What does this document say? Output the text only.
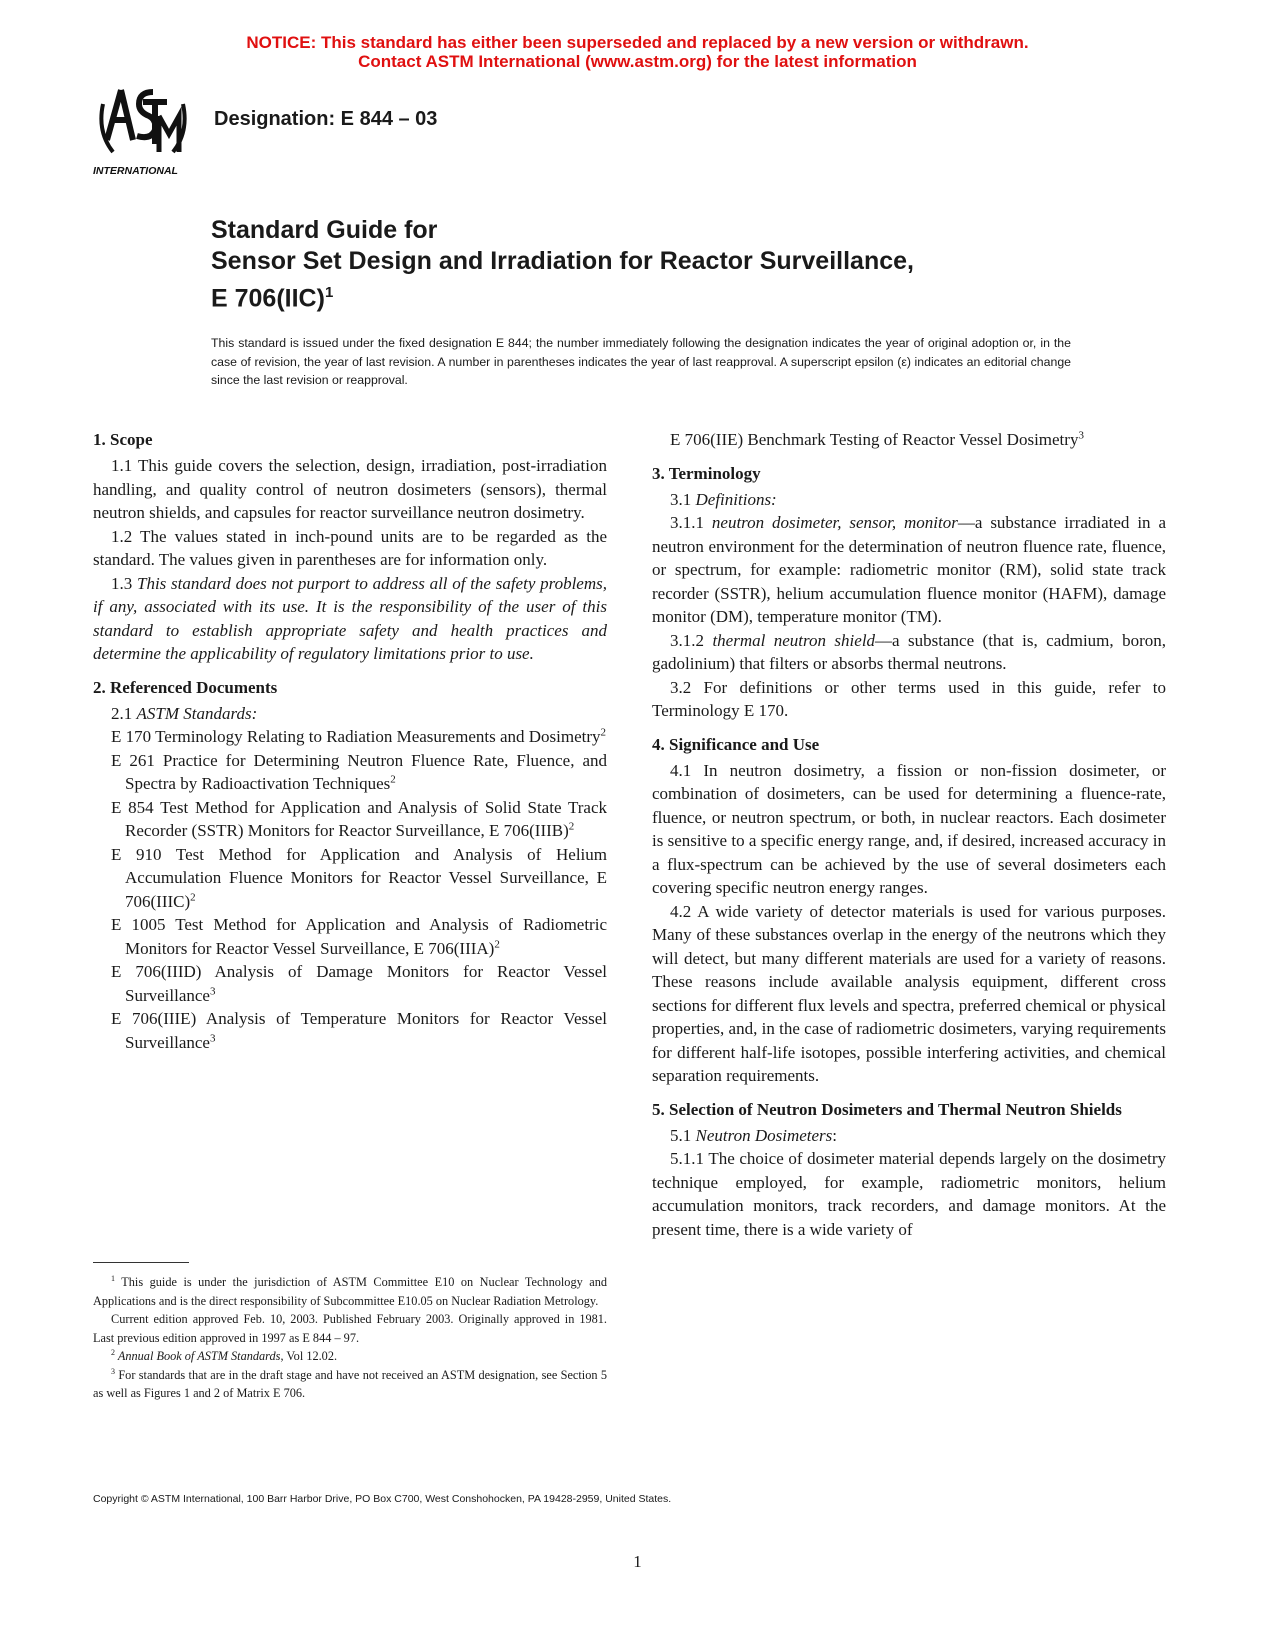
NOTICE: This standard has either been superseded and replaced by a new version or withdrawn.
Contact ASTM International (www.astm.org) for the latest information
INTERNATIONAL
Designation: E 844 – 03
Standard Guide for
Sensor Set Design and Irradiation for Reactor Surveillance,
E 706(IIC)$^1$
This standard is issued under the fixed designation E 844; the number immediately following the designation indicates the year of original adoption or, in the case of revision, the year of last revision. A number in parentheses indicates the year of last reapproval. A superscript epsilon (ε) indicates an editorial change since the last revision or reapproval.
1. Scope

1.1 This guide covers the selection, design, irradiation, post-irradiation handling, and quality control of neutron dosimeters (sensors), thermal neutron shields, and capsules for reactor surveillance neutron dosimetry.

1.2 The values stated in inch-pound units are to be regarded as the standard. The values given in parentheses are for information only.

1.3 This standard does not purport to address all of the safety problems, if any, associated with its use. It is the responsibility of the user of this standard to establish appropriate safety and health practices and determine the applicability of regulatory limitations prior to use.

2. Referenced Documents

2.1 ASTM Standards:

E 170 Terminology Relating to Radiation Measurements and Dosimetry$^2$

E 261 Practice for Determining Neutron Fluence Rate, Fluence, and Spectra by Radioactivation Techniques$^2$

E 854 Test Method for Application and Analysis of Solid State Track Recorder (SSTR) Monitors for Reactor Surveillance, E 706(IIIB)$^2$

E 910 Test Method for Application and Analysis of Helium Accumulation Fluence Monitors for Reactor Vessel Surveillance, E 706(IIIC)$^2$

E 1005 Test Method for Application and Analysis of Radiometric Monitors for Reactor Vessel Surveillance, E 706(IIIA)$^2$

E 706(IIID) Analysis of Damage Monitors for Reactor Vessel Surveillance$^3$

E 706(IIIE) Analysis of Temperature Monitors for Reactor Vessel Surveillance$^3$

E 706(IIE) Benchmark Testing of Reactor Vessel Dosimetry$^3$

3. Terminology

3.1 Definitions:

3.1.1 neutron dosimeter, sensor, monitor—a substance irradiated in a neutron environment for the determination of neutron fluence rate, fluence, or spectrum, for example: radiometric monitor (RM), solid state track recorder (SSTR), helium accumulation fluence monitor (HAFM), damage monitor (DM), temperature monitor (TM).

3.1.2 thermal neutron shield—a substance (that is, cadmium, boron, gadolinium) that filters or absorbs thermal neutrons.

3.2 For definitions or other terms used in this guide, refer to Terminology E 170.

4. Significance and Use

4.1 In neutron dosimetry, a fission or non-fission dosimeter, or combination of dosimeters, can be used for determining a fluence-rate, fluence, or neutron spectrum, or both, in nuclear reactors. Each dosimeter is sensitive to a specific energy range, and, if desired, increased accuracy in a flux-spectrum can be achieved by the use of several dosimeters each covering specific neutron energy ranges.

4.2 A wide variety of detector materials is used for various purposes. Many of these substances overlap in the energy of the neutrons which they will detect, but many different materials are used for a variety of reasons. These reasons include available analysis equipment, different cross sections for different flux levels and spectra, preferred chemical or physical properties, and, in the case of radiometric dosimeters, varying requirements for different half-life isotopes, possible interfering activities, and chemical separation requirements.

5. Selection of Neutron Dosimeters and Thermal Neutron Shields

5.1 Neutron Dosimeters:

5.1.1 The choice of dosimeter material depends largely on the dosimetry technique employed, for example, radiometric monitors, helium accumulation monitors, track recorders, and damage monitors. At the present time, there is a wide variety of

$^1$ This guide is under the jurisdiction of ASTM Committee E10 on Nuclear Technology and Applications and is the direct responsibility of Subcommittee E10.05 on Nuclear Radiation Metrology.

Current edition approved Feb. 10, 2003. Published February 2003. Originally approved in 1981. Last previous edition approved in 1997 as E 844 – 97.

$^2$ Annual Book of ASTM Standards, Vol 12.02.

$^3$ For standards that are in the draft stage and have not received an ASTM designation, see Section 5 as well as Figures 1 and 2 of Matrix E 706.

Copyright © ASTM International, 100 Barr Harbor Drive, PO Box C700, West Conshohocken, PA 19428-2959, United States.
1
